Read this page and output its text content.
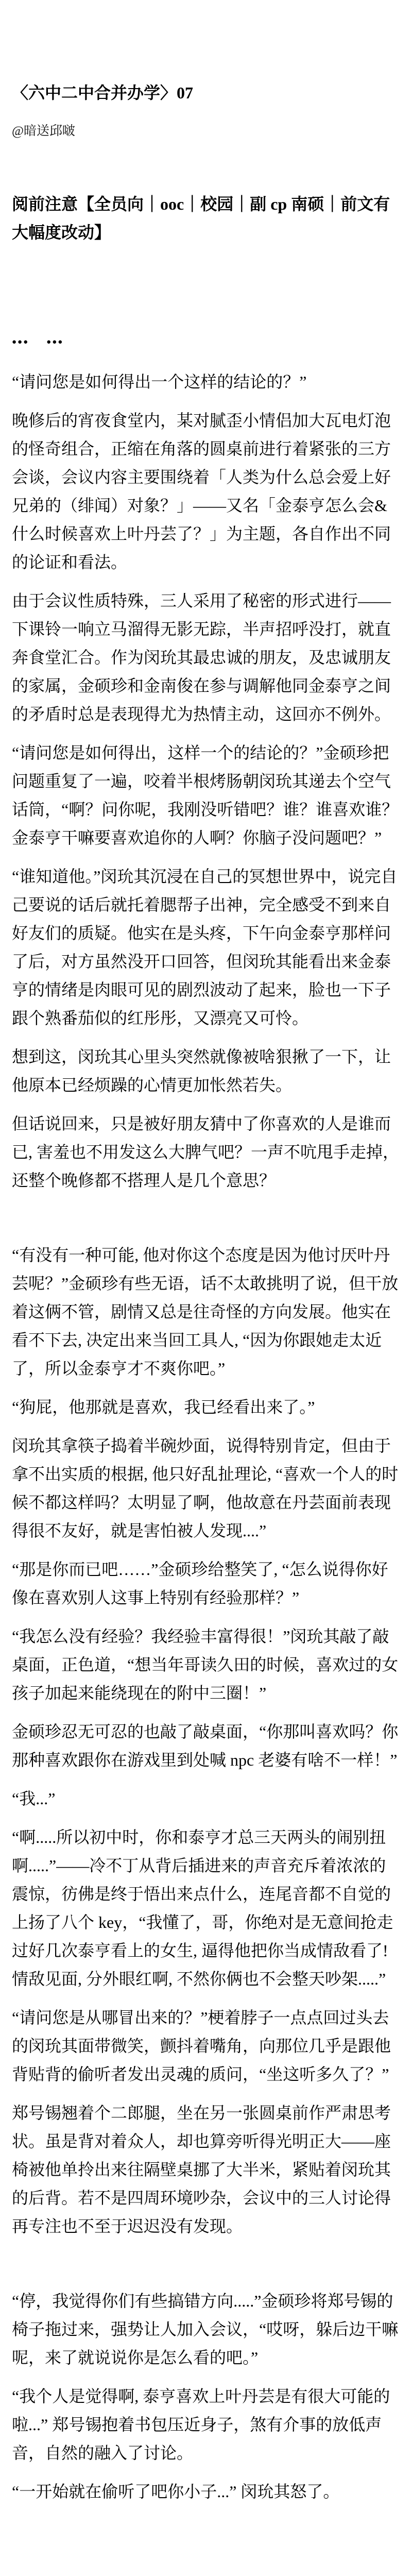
〈六中二中合并办学〉07
@暗送邱啵

阅前注意【全员向｜ooc｜校园｜副 cp 南硕｜前文有大幅度改动】

●●●　　●●●

“请问您是如何得出一个这样的结论的？”

晚修后的宵夜食堂内，某对腻歪小情侣加大瓦电灯泡的怪奇组合，正缩在角落的圆桌前进行着紧张的三方会谈，会议内容主要围绕着「人类为什么总会爱上好兄弟的（绯闻）对象？」——又名「金泰亨怎么会&什么时候喜欢上叶丹芸了？」为主题，各自作出不同的论证和看法。

由于会议性质特殊，三人采用了秘密的形式进行——下课铃一响立马溜得无影无踪，半声招呼没打，就直奔食堂汇合。作为闵玧其最忠诚的朋友，及忠诚朋友的家属，金硕珍和金南俊在参与调解他同金泰亨之间的矛盾时总是表现得尤为热情主动，这回亦不例外。

“请问您是如何得出，这样一个的结论的？”金硕珍把问题重复了一遍，咬着半根烤肠朝闵玧其递去个空气话筒，“啊？问你呢，我刚没听错吧？谁？谁喜欢谁？金泰亨干嘛要喜欢追你的人啊？你脑子没问题吧？”

“谁知道他。”闵玧其沉浸在自己的冥想世界中，说完自己要说的话后就托着腮帮子出神，完全感受不到来自好友们的质疑。他实在是头疼，下午向金泰亨那样问了后，对方虽然没开口回答，但闵玧其能看出来金泰亨的情绪是肉眼可见的剧烈波动了起来，脸也一下子跟个熟番茄似的红彤彤，又漂亮又可怜。

想到这，闵玧其心里头突然就像被啥狠揪了一下，让他原本已经烦躁的心情更加怅然若失。

但话说回来，只是被好朋友猜中了你喜欢的人是谁而已, 害羞也不用发这么大脾气吧？一声不吭甩手走掉，还整个晚修都不搭理人是几个意思？

“有没有一种可能, 他对你这个态度是因为他讨厌叶丹芸呢？”金硕珍有些无语，话不太敢挑明了说，但干放着这俩不管，剧情又总是往奇怪的方向发展。他实在看不下去, 决定出来当回工具人, “因为你跟她走太近了，所以金泰亨才不爽你吧。”

“狗屁，他那就是喜欢，我已经看出来了。”

闵玧其拿筷子捣着半碗炒面，说得特别肯定，但由于拿不出实质的根据, 他只好乱扯理论, “喜欢一个人的时候不都这样吗？太明显了啊，他故意在丹芸面前表现得很不友好，就是害怕被人发现....”

“那是你而已吧……”金硕珍给整笑了, “怎么说得你好像在喜欢别人这事上特别有经验那样？”

“我怎么没有经验？我经验丰富得很！”闵玧其敲了敲桌面，正色道，“想当年哥读久田的时候，喜欢过的女孩子加起来能绕现在的附中三圈！”

金硕珍忍无可忍的也敲了敲桌面，“你那叫喜欢吗？你那种喜欢跟你在游戏里到处喊 npc 老婆有啥不一样！”

“我...”

“啊.....所以初中时，你和泰亨才总三天两头的闹别扭啊.....”——冷不丁从背后插进来的声音充斥着浓浓的震惊，彷佛是终于悟出来点什么，连尾音都不自觉的上扬了八个 key，“我懂了，哥，你绝对是无意间抢走过好几次泰亨看上的女生, 逼得他把你当成情敌看了! 情敌见面, 分外眼红啊, 不然你俩也不会整天吵架.....”

“请问您是从哪冒出来的？”梗着脖子一点点回过头去的闵玧其面带微笑，颤抖着嘴角，向那位几乎是跟他背贴背的偷听者发出灵魂的质问，“坐这听多久了？”

郑号锡翘着个二郎腿，坐在另一张圆桌前作严肃思考状。虽是背对着众人，却也算旁听得光明正大——座椅被他单拎出来往隔壁桌挪了大半米，紧贴着闵玧其的后背。若不是四周环境吵杂，会议中的三人讨论得再专注也不至于迟迟没有发现。

“停，我觉得你们有些搞错方向.....”金硕珍将郑号锡的椅子拖过来，强势让人加入会议，“哎呀，躲后边干嘛呢，来了就说说你是怎么看的吧。”

“我个人是觉得啊, 泰亨喜欢上叶丹芸是有很大可能的啦...” 郑号锡抱着书包压近身子，煞有介事的放低声音，自然的融入了讨论。

“一开始就在偷听了吧你小子...” 闵玧其怒了。
